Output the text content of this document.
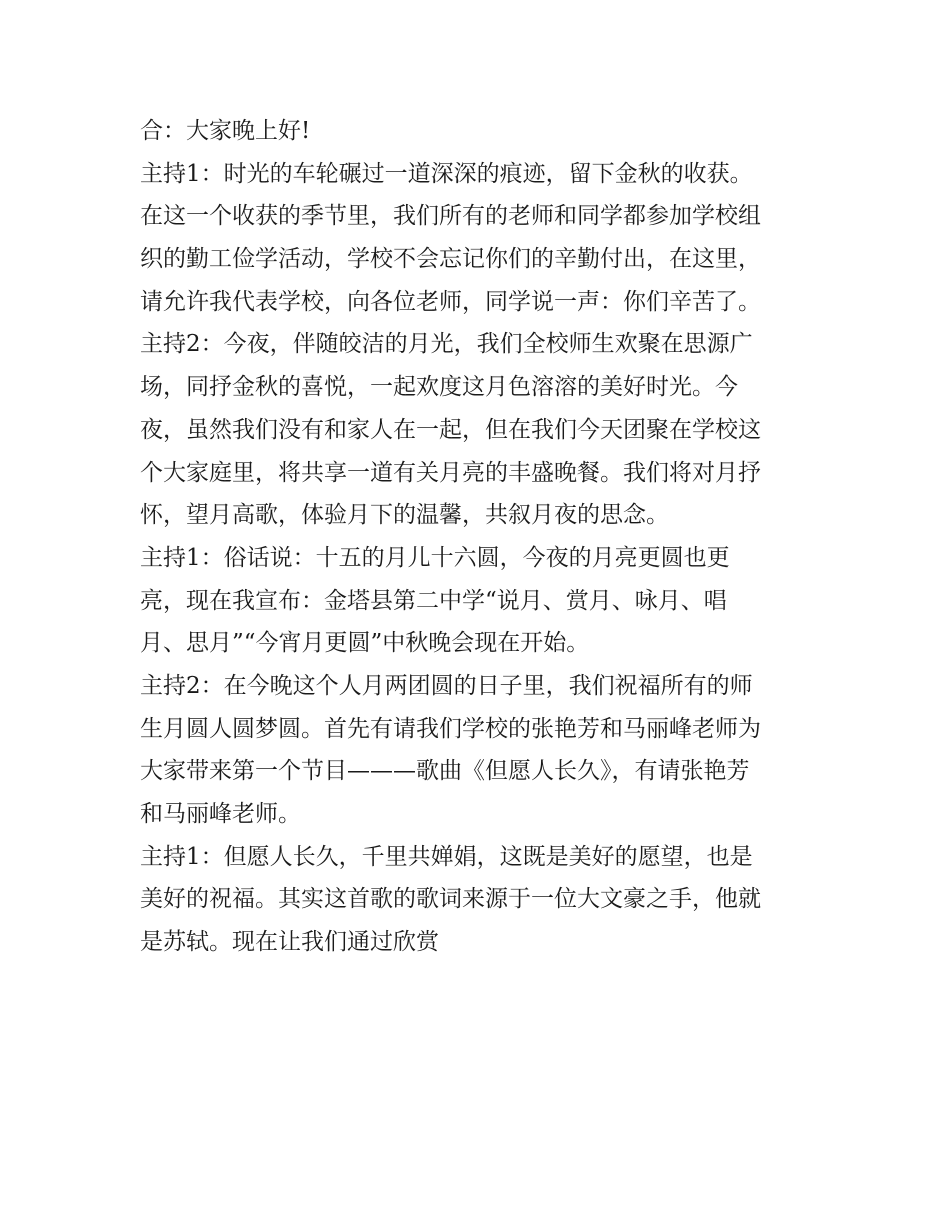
合：大家晚上好!
主持1：时光的车轮碾过一道深深的痕迹，留下金秋的收获。
在这一个收获的季节里，我们所有的老师和同学都参加学校组
织的勤工俭学活动，学校不会忘记你们的辛勤付出，在这里，
请允许我代表学校，向各位老师，同学说一声：你们辛苦了。
主持2：今夜，伴随皎洁的月光，我们全校师生欢聚在思源广
场，同抒金秋的喜悦，一起欢度这月色溶溶的美好时光。今
夜，虽然我们没有和家人在一起，但在我们今天团聚在学校这
个大家庭里，将共享一道有关月亮的丰盛晚餐。我们将对月抒
怀，望月高歌，体验月下的温馨，共叙月夜的思念。
主持1：俗话说：十五的月儿十六圆，今夜的月亮更圆也更
亮，现在我宣布：金塔县第二中学“说月、赏月、咏月、唱
月、思月”“今宵月更圆”中秋晚会现在开始。
主持2：在今晚这个人月两团圆的日子里，我们祝福所有的师
生月圆人圆梦圆。首先有请我们学校的张艳芳和马丽峰老师为
大家带来第一个节目———歌曲《但愿人长久》，有请张艳芳
和马丽峰老师。
主持1：但愿人长久，千里共婵娟，这既是美好的愿望，也是
美好的祝福。其实这首歌的歌词来源于一位大文豪之手，他就
是苏轼。现在让我们通过欣赏
